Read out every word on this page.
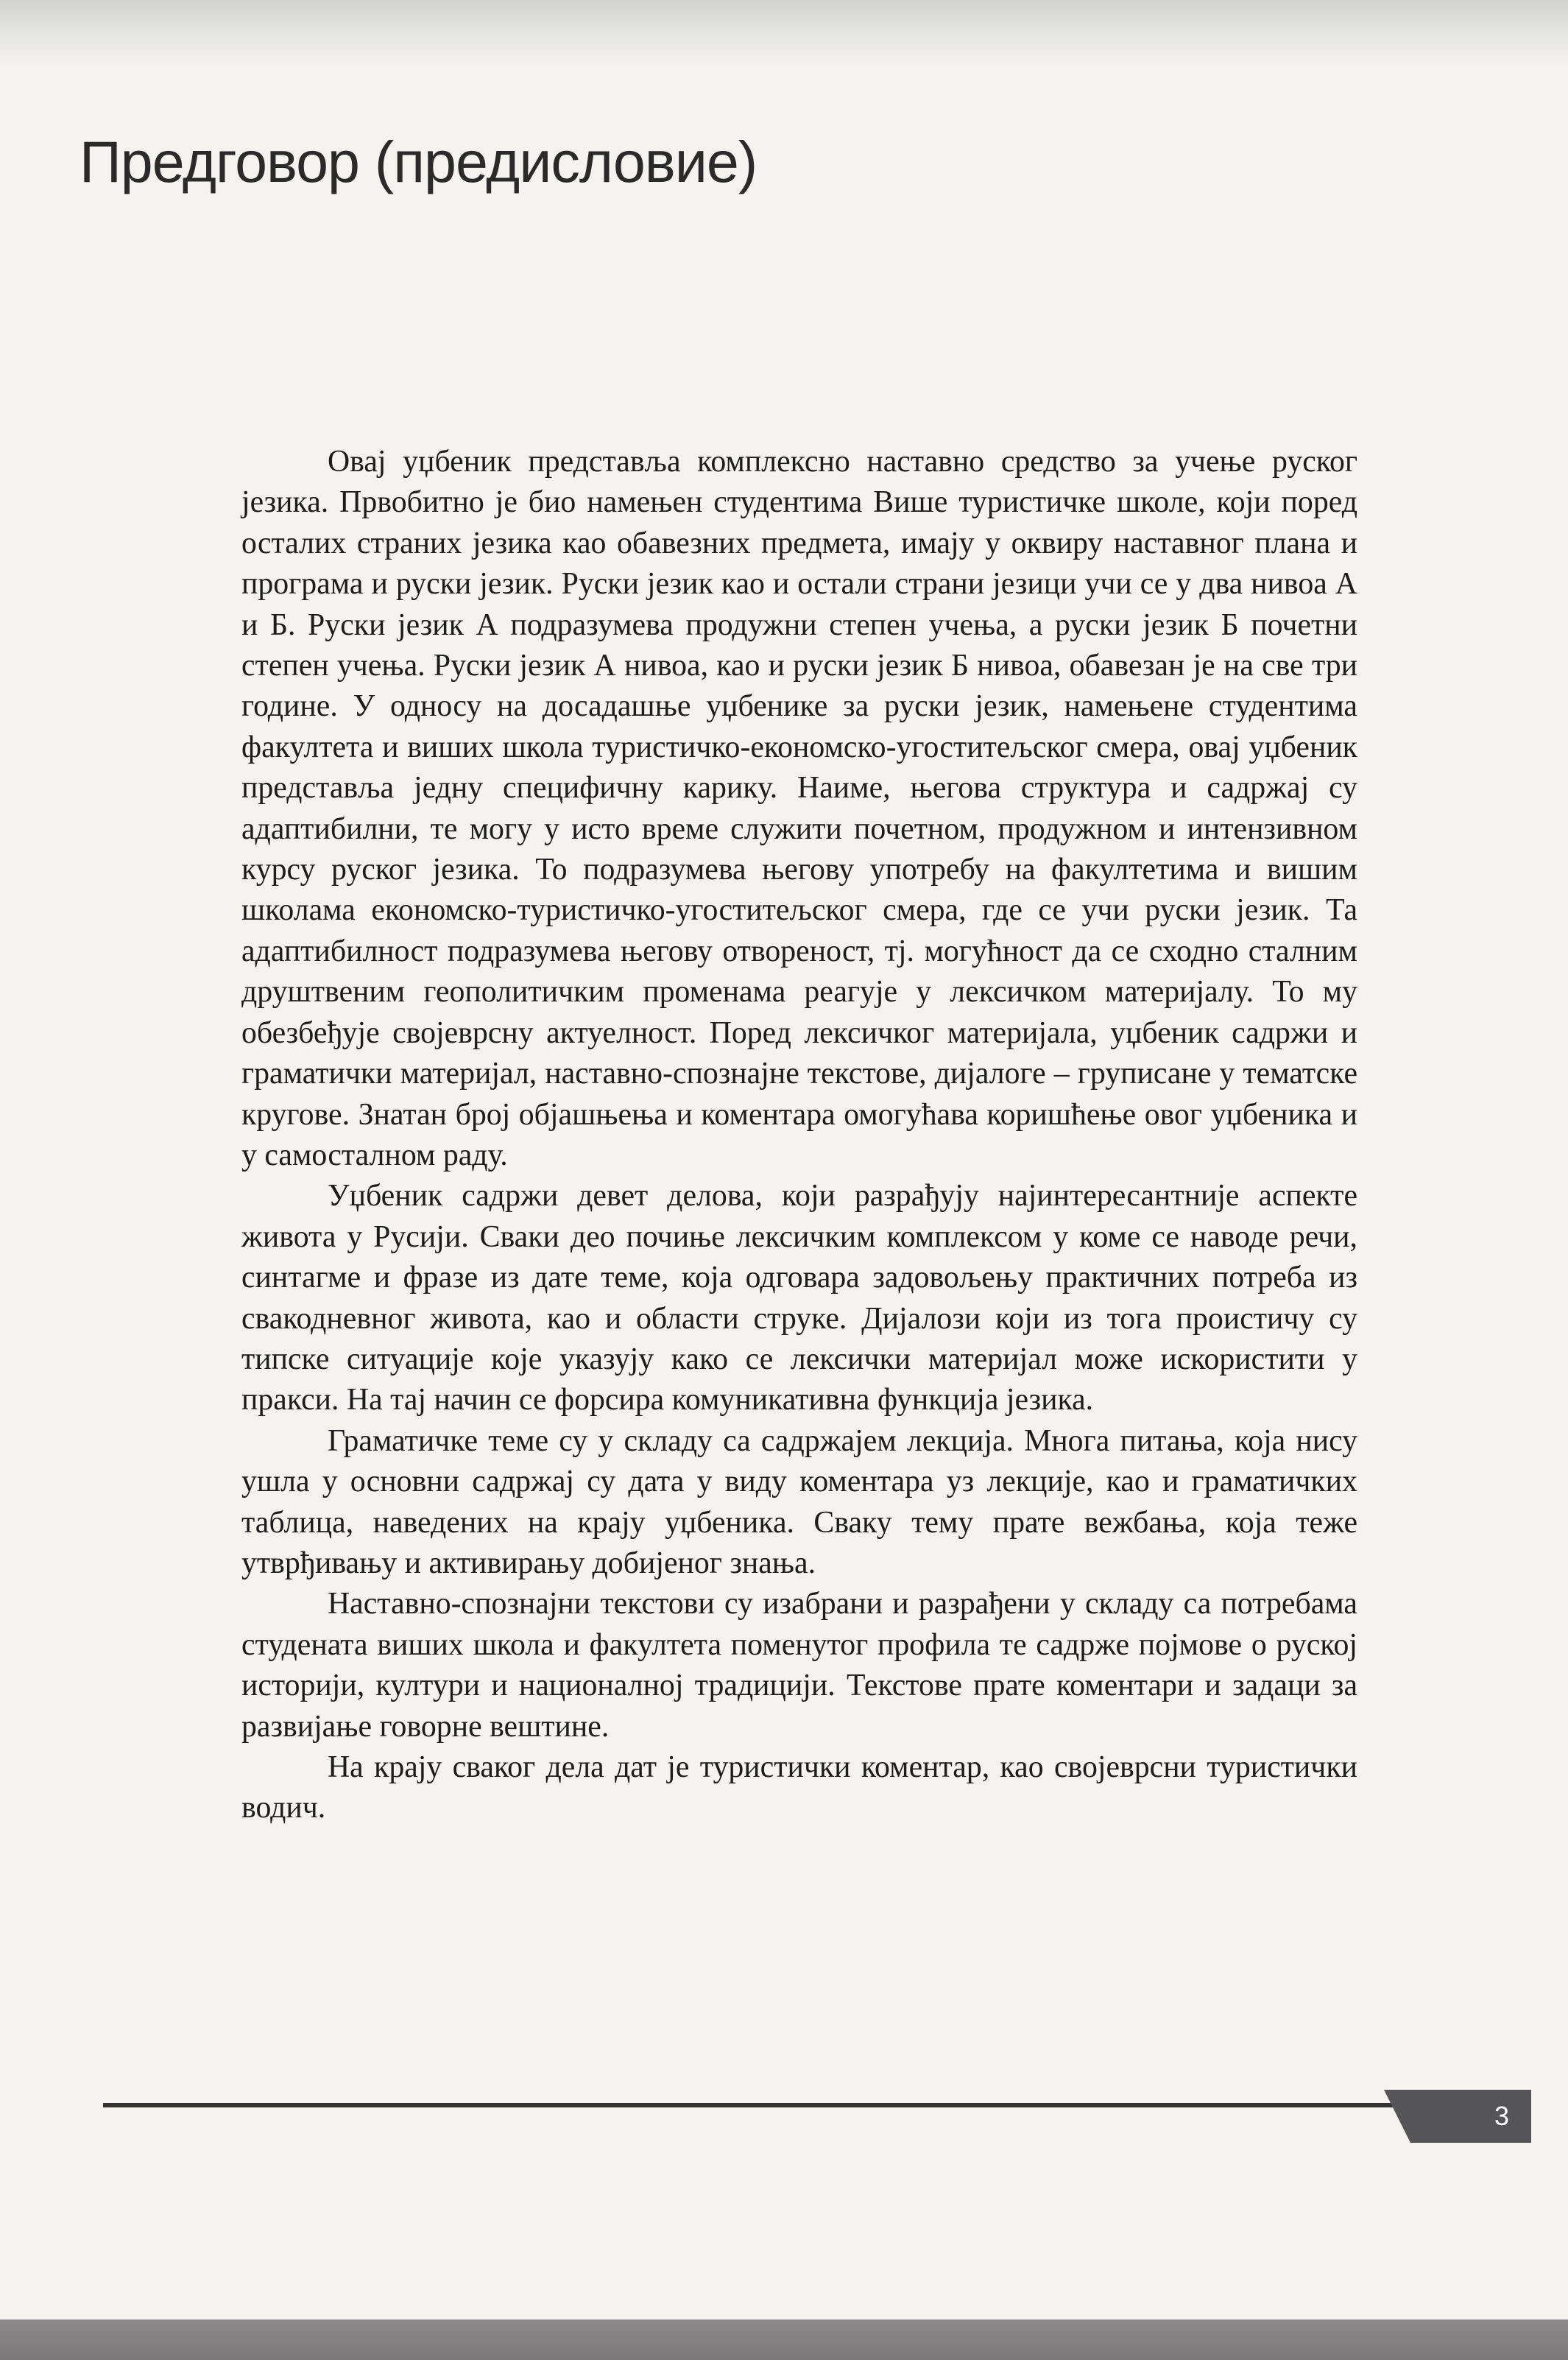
Предговор (предисловие)

Овај уџбеник представља комплексно наставно средство за учење руског језика. Првобитно је био намењен студентима Више туристичке школе, који поред осталих страних језика као обавезних предмета, имају у оквиру наставног плана и програма и руски језик. Руски језик као и остали страни језици учи се у два нивоа А и Б. Руски језик А подразумева продужни степен учења, а руски језик Б почетни степен учења. Руски језик А нивоа, као и руски језик Б нивоа, обавезан је на све три године. У односу на досадашње уџбенике за руски језик, намењене студентима факултета и виших школа туристичко-економско-угоститељског смера, овај уџбеник представља једну специфичну карику. Наиме, његова структура и садржај су адаптибилни, те могу у исто време служити почетном, продужном и интензивном курсу руског језика. То подразумева његову употребу на факултетима и вишим школама економско-туристичко-угоститељског смера, где се учи руски језик. Та адаптибилност подразумева његову отвореност, тј. могућност да се сходно сталним друштвеним геополитичким променама реагује у лексичком материјалу. То му обезбеђује својеврсну актуелност. Поред лексичког материјала, уџбеник садржи и граматички материјал, наставно-спознајне текстове, дијалоге – груписане у тематске кругове. Знатан број објашњења и коментара омогућава коришћење овог уџбеника и у самосталном раду.

Уџбеник садржи девет делова, који разрађују најинтересантније аспекте живота у Русији. Сваки део почиње лексичким комплексом у коме се наводе речи, синтагме и фразе из дате теме, која одговара задовољењу практичних потреба из свакодневног живота, као и области струке. Дијалози који из тога проистичу су типске ситуације које указују како се лексички материјал може искористити у пракси. На тај начин се форсира комуникативна функција језика.

Граматичке теме су у складу са садржајем лекција. Многа питања, која нису ушла у основни садржај су дата у виду коментара уз лекције, као и граматичких таблица, наведених на крају уџбеника. Сваку тему прате вежбања, која теже утврђивању и активирању добијеног знања.

Наставно-спознајни текстови су изабрани и разрађени у складу са потребама студената виших школа и факултета поменутог профила те садрже појмове о руској историји, култури и националној традицији. Текстове прате коментари и задаци за развијање говорне вештине.

На крају сваког дела дат је туристички коментар, као својеврсни туристички водич.

3
